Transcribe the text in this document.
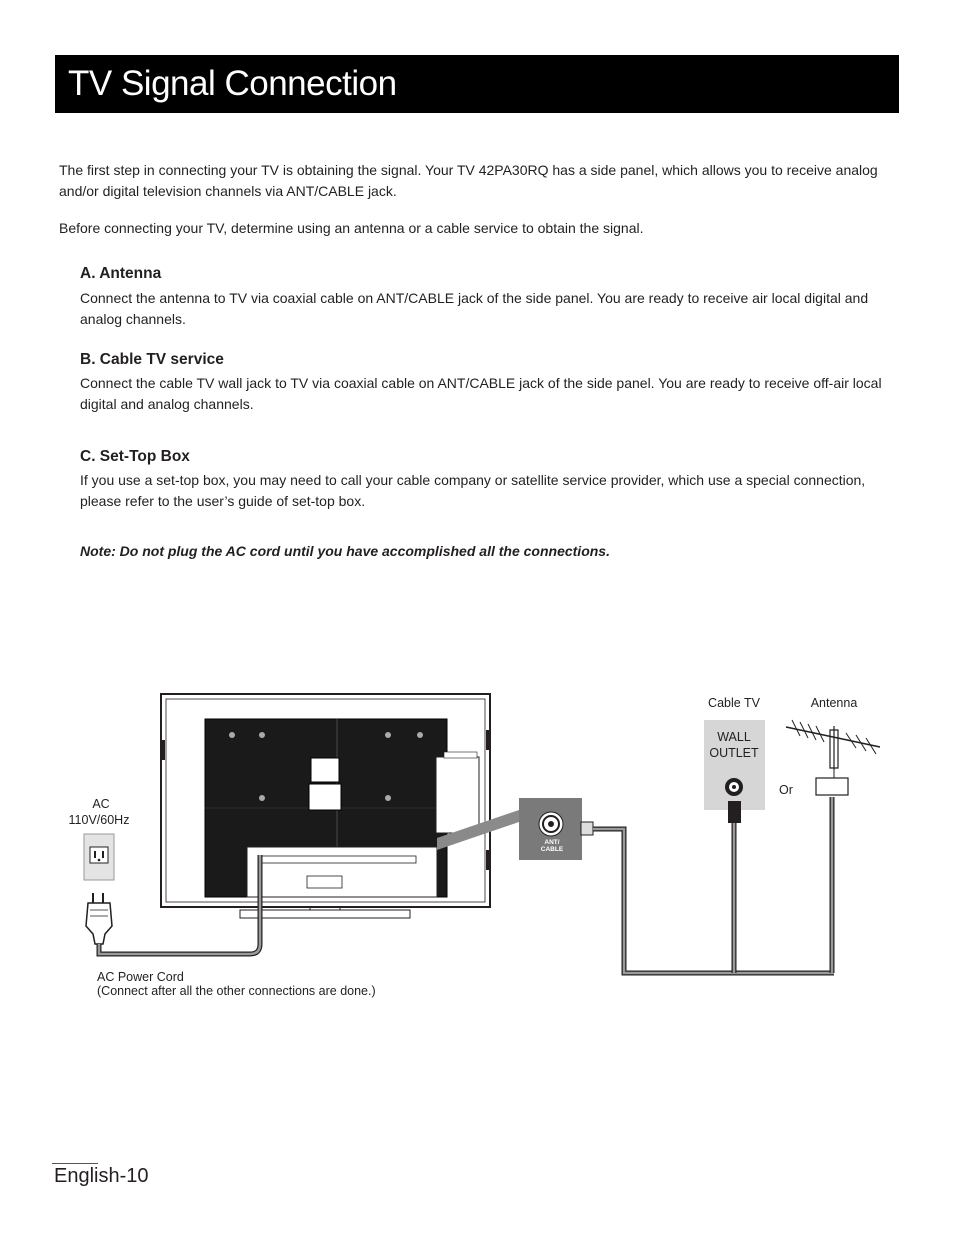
TV Signal Connection

The first step in connecting your TV is obtaining the signal. Your TV 42PA30RQ has a side panel, which allows you to receive analog and/or digital television channels via ANT/CABLE jack.

Before connecting your TV, determine using an antenna or a cable service to obtain the signal.

A. Antenna

Connect the antenna to TV via coaxial cable on ANT/CABLE jack of the side panel. You are ready to receive air local digital and analog channels.

B. Cable TV service

Connect the cable TV wall jack to TV via coaxial cable on ANT/CABLE jack of the side panel. You are ready to receive off-air local digital and analog channels.

C. Set-Top Box

If you use a set-top box, you may need to call your cable company or satellite service provider, which use a special connection, please refer to the user’s guide of set-top box.

Note: Do not plug the AC cord until you have accomplished all the connections.

ANT/
CABLE
Cable TV
WALL
OUTLET
Antenna
Or
AC
110V/60Hz
AC Power Cord
(Connect after all the other connections are done.)

English-10
